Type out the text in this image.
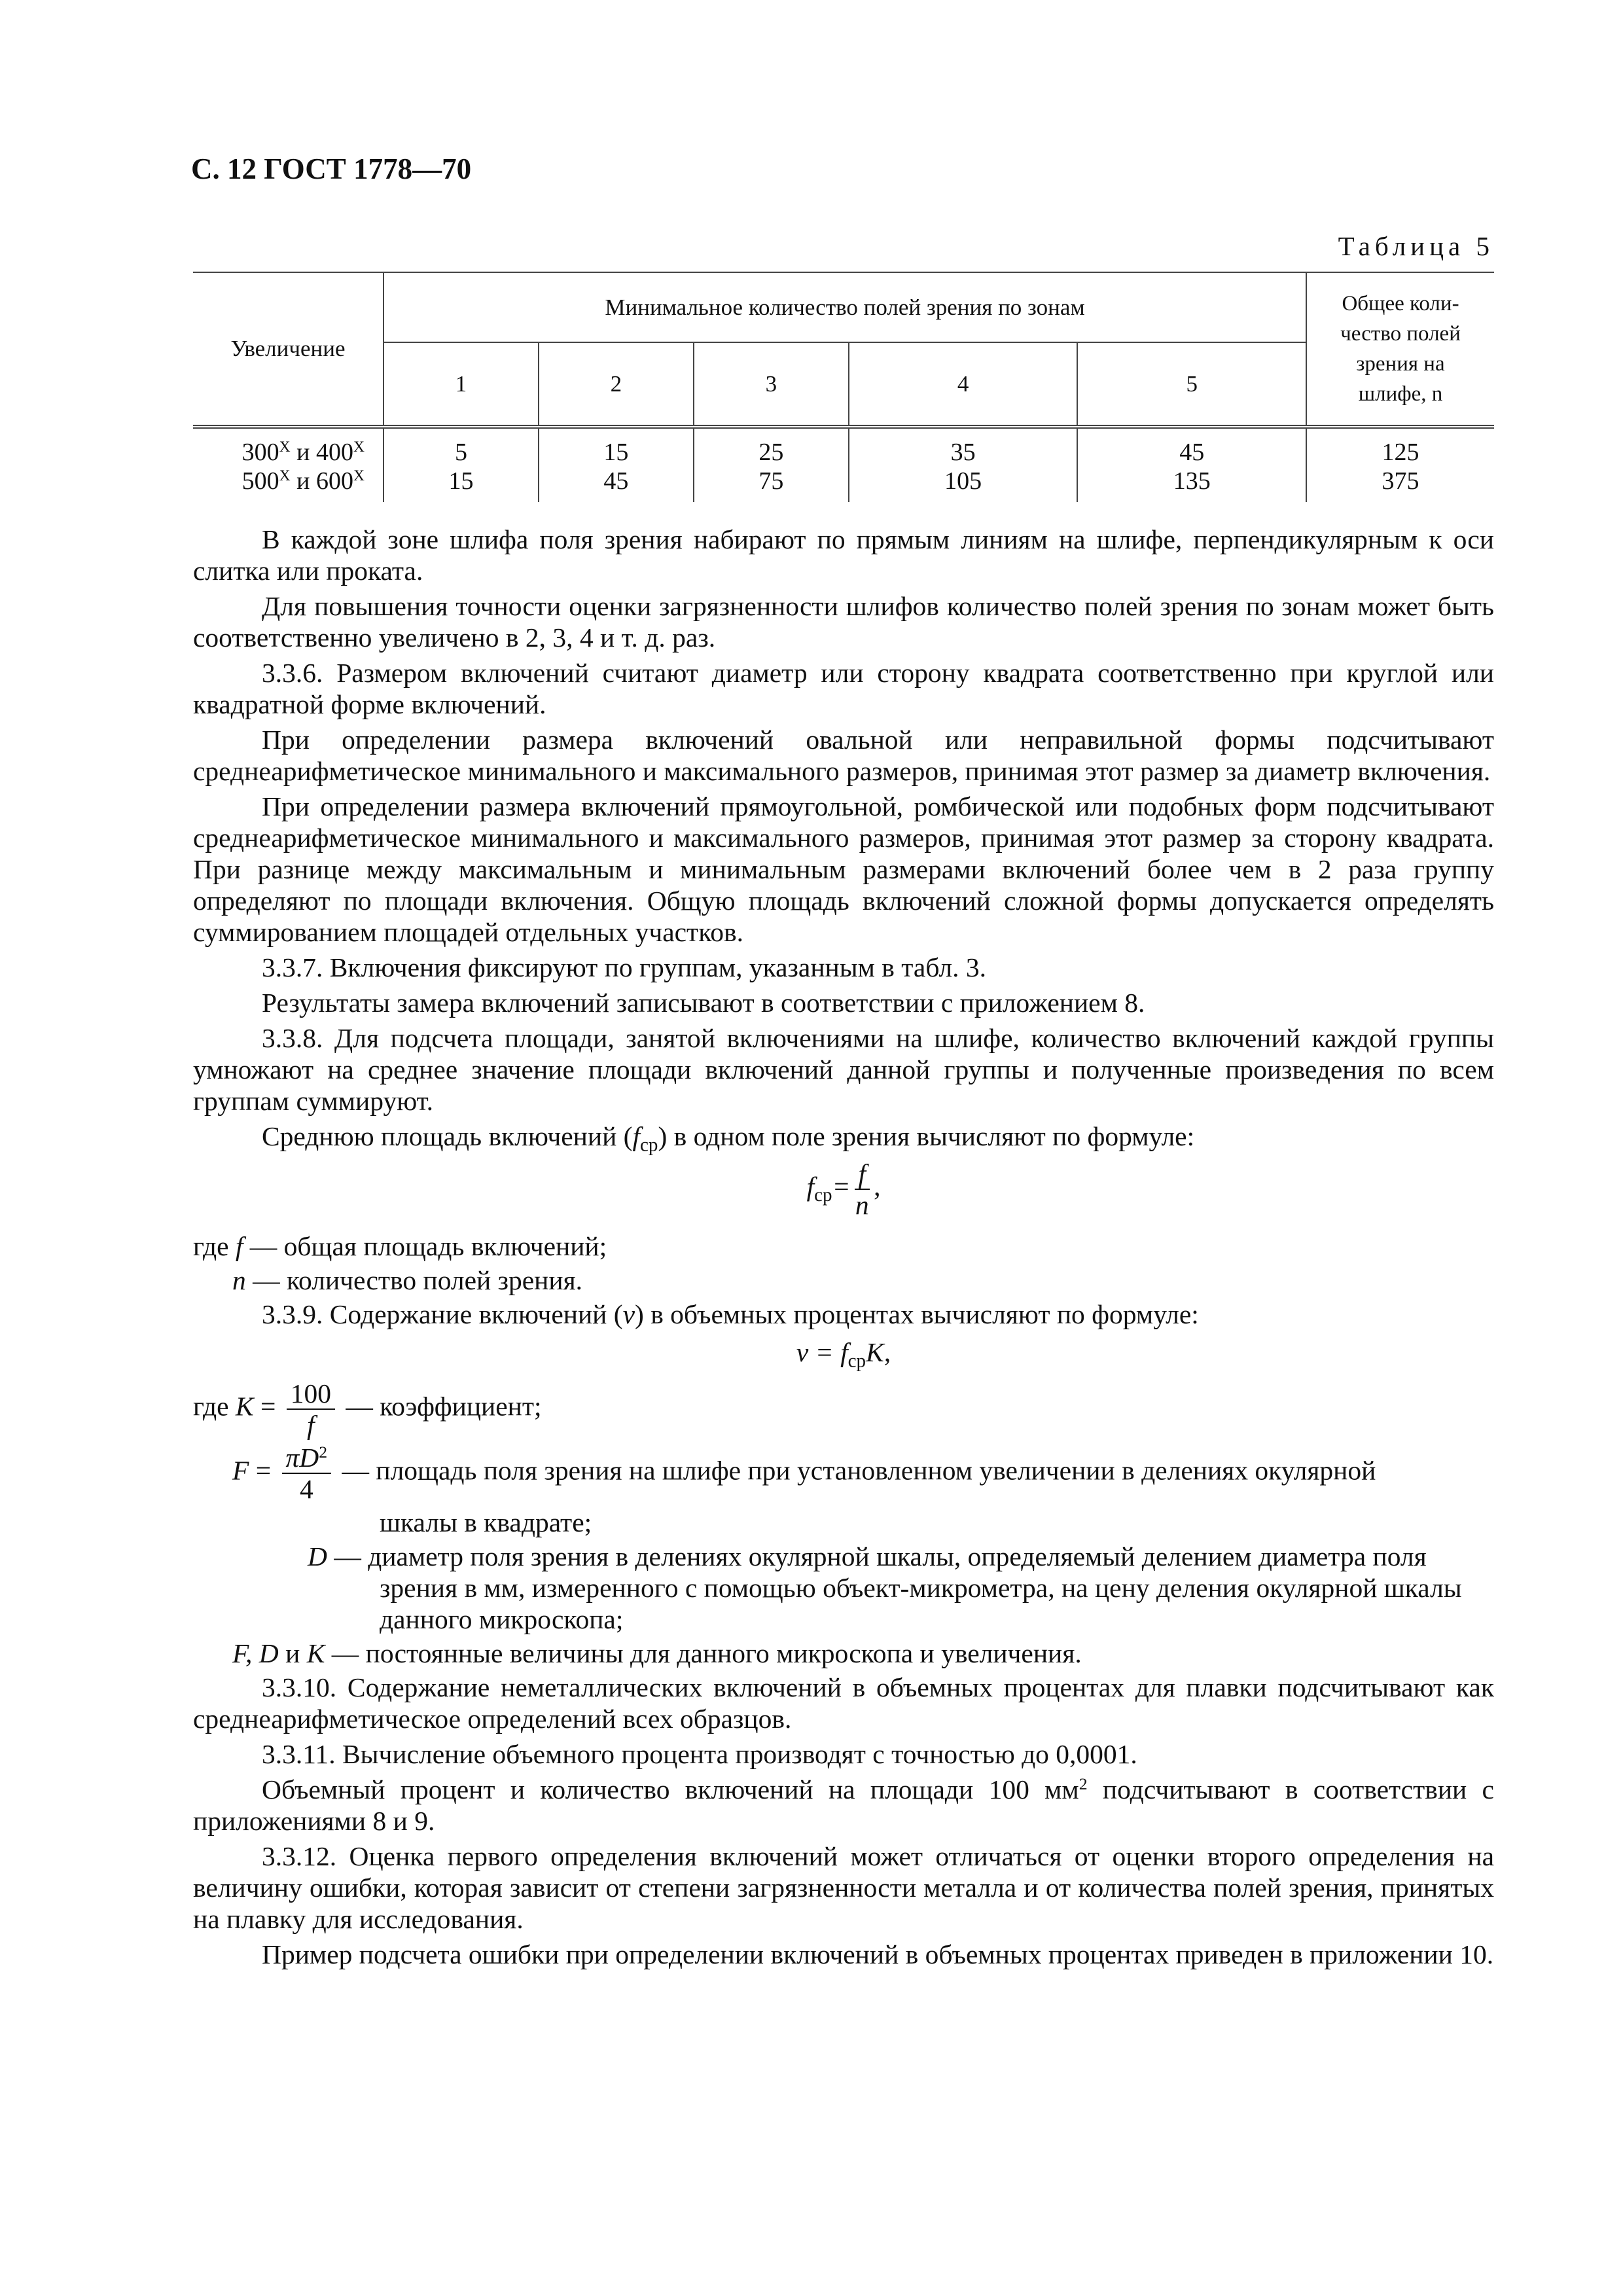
С. 12 ГОСТ 1778—70
Таблица 5
Увеличение	Минимальное количество полей зрения по зонам					Общее коли-
чество полей
зрения на
шлифе, n

	1	2	3	4	5	
$300^X$ и $400^X$	5	15	25	35	45	125
$500^X$ и $600^X$	15	45	75	105	135	375

В каждой зоне шлифа поля зрения набирают по прямым линиям на шлифе, перпендикулярным к оси слитка или проката.

Для повышения точности оценки загрязненности шлифов количество полей зрения по зонам может быть соответственно увеличено в 2, 3, 4 и т. д. раз.

3.3.6. Размером включений считают диаметр или сторону квадрата соответственно при круглой или квадратной форме включений.

При определении размера включений овальной или неправильной формы подсчитывают среднеарифметическое минимального и максимального размеров, принимая этот размер за диаметр включения.

При определении размера включений прямоугольной, ромбической или подобных форм подсчитывают среднеарифметическое минимального и максимального размеров, принимая этот размер за сторону квадрата. При разнице между максимальным и минимальным размерами включений более чем в 2 раза группу определяют по площади включения. Общую площадь включений сложной формы допускается определять суммированием площадей отдельных участков.

3.3.7. Включения фиксируют по группам, указанным в табл. 3.

Результаты замера включений записывают в соответствии с приложением 8.

3.3.8. Для подсчета площади, занятой включениями на шлифе, количество включений каждой группы умножают на среднее значение площади включений данной группы и полученные произведения по всем группам суммируют.

Среднюю площадь включений $(f_{ср})$ в одном поле зрения вычисляют по формуле:

$f_{ср}= \frac{f}{n}$ ,
где f — общая площадь включений;
n — количество полей зрения.

3.3.9. Содержание включений (v) в объемных процентах вычисляют по формуле:

$v = f_{ср}K$,
где $K = \frac{100}{f}$ — коэффициент;
$F = \frac{\pi D^2}{4}$ — площадь поля зрения на шлифе при установленном увеличении в делениях окулярной
шкалы в квадрате;
D — диаметр поля зрения в делениях окулярной шкалы, определяемый делением диаметра поля зрения в мм, измеренного с помощью объект-микрометра, на цену деления окулярной шкалы данного микроскопа;
F, D и K — постоянные величины для данного микроскопа и увеличения.

3.3.10. Содержание неметаллических включений в объемных процентах для плавки подсчитывают как среднеарифметическое определений всех образцов.

3.3.11. Вычисление объемного процента производят с точностью до 0,0001.

Объемный процент и количество включений на площади 100 $мм^2$ подсчитывают в соответствии с приложениями 8 и 9.

3.3.12. Оценка первого определения включений может отличаться от оценки второго определения на величину ошибки, которая зависит от степени загрязненности металла и от количества полей зрения, принятых на плавку для исследования.

Пример подсчета ошибки при определении включений в объемных процентах приведен в приложении 10.
